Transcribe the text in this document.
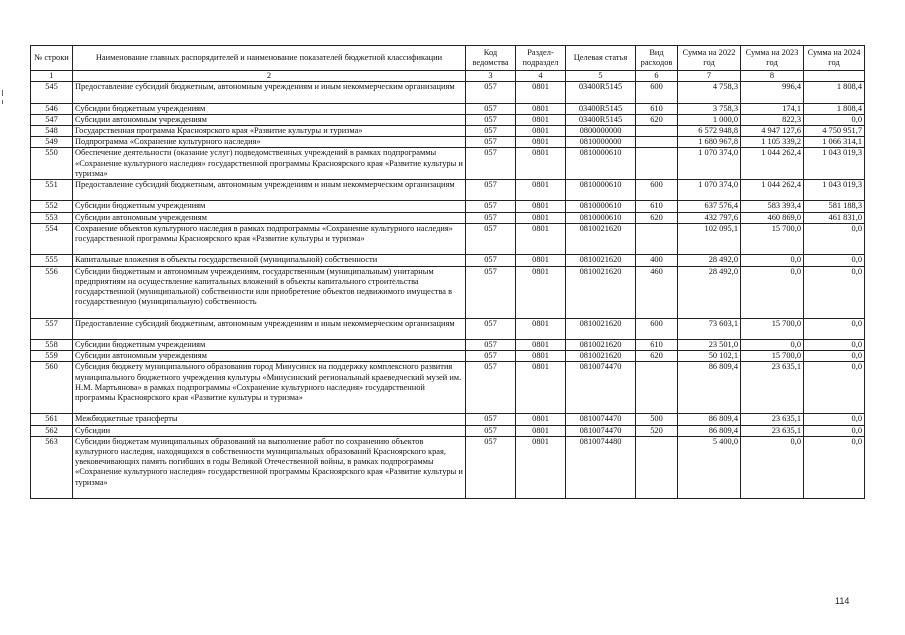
№ строки	Наименование главных распорядителей и наименование показателей бюджетной классификации	Код ведомства	Раздел-подраздел	Целевая статья	Вид расходов	Сумма на 2022 год	Сумма на 2023 год	Сумма на 2024 год
1	2	3	4	5	6	7	8	
545	Предоставление субсидий бюджетным, автономным учреждениям и иным некоммерческим организациям	057	0801	03400R5145	600	4 758,3	996,4	1 808,4
546	Субсидии бюджетным учреждениям	057	0801	03400R5145	610	3 758,3	174,1	1 808,4
547	Субсидии автономным учреждениям	057	0801	03400R5145	620	1 000,0	822,3	0,0
548	Государственная программа Красноярского края «Развитие культуры и туризма»	057	0801	0800000000		6 572 948,8	4 947 127,6	4 750 951,7
549	Подпрограмма «Сохранение культурного наследия»	057	0801	0810000000		1 680 967,8	1 105 339,2	1 066 314,1
550	Обеспечение деятельности (оказание услуг) подведомственных учреждений в рамках подпрограммы «Сохранение культурного наследия» государственной программы Красноярского края «Развитие культуры и туризма»	057	0801	0810000610		1 070 374,0	1 044 262,4	1 043 019,3
551	Предоставление субсидий бюджетным, автономным учреждениям и иным некоммерческим организациям	057	0801	0810000610	600	1 070 374,0	1 044 262,4	1 043 019,3
552	Субсидии бюджетным учреждениям	057	0801	0810000610	610	637 576,4	583 393,4	581 188,3
553	Субсидии автономным учреждениям	057	0801	0810000610	620	432 797,6	460 869,0	461 831,0
554	Сохранение объектов культурного наследия в рамках подпрограммы «Сохранение культурного наследия» государственной программы Красноярского края «Развитие культуры и туризма»	057	0801	0810021620		102 095,1	15 700,0	0,0
555	Капитальные вложения в объекты государственной (муниципальной) собственности	057	0801	0810021620	400	28 492,0	0,0	0,0
556	Субсидии бюджетным и автономным учреждениям, государственным (муниципальным) унитарным предприятиям на осуществление капитальных вложений в объекты капитального строительства государственной (муниципальной) собственности или приобретение объектов недвижимого имущества в государственную (муниципальную) собственность	057	0801	0810021620	460	28 492,0	0,0	0,0
557	Предоставление субсидий бюджетным, автономным учреждениям и иным некоммерческим организациям	057	0801	0810021620	600	73 603,1	15 700,0	0,0
558	Субсидии бюджетным учреждениям	057	0801	0810021620	610	23 501,0	0,0	0,0
559	Субсидии автономным учреждениям	057	0801	0810021620	620	50 102,1	15 700,0	0,0
560	Субсидия бюджету муниципального образования город Минусинск на поддержку комплексного развития муниципального бюджетного учреждения культуры «Минусинский региональный краеведческий музей им. Н.М. Мартьянова» в рамках подпрограммы «Сохранение культурного наследия» государственной программы Красноярского края «Развитие культуры и туризма»	057	0801	0810074470		86 809,4	23 635,1	0,0
561	Межбюджетные трансферты	057	0801	0810074470	500	86 809,4	23 635,1	0,0
562	Субсидии	057	0801	0810074470	520	86 809,4	23 635,1	0,0
563	Субсидии бюджетам муниципальных образований на выполнение работ по сохранению объектов культурного наследия, находящихся в собственности муниципальных образований Красноярского края, увековечивающих память погибших в годы Великой Отечественной войны, в рамках подпрограммы «Сохранение культурного наследия» государственной программы Красноярского края «Развитие культуры и туризма»	057	0801	0810074480		5 400,0	0,0	0,0
114
